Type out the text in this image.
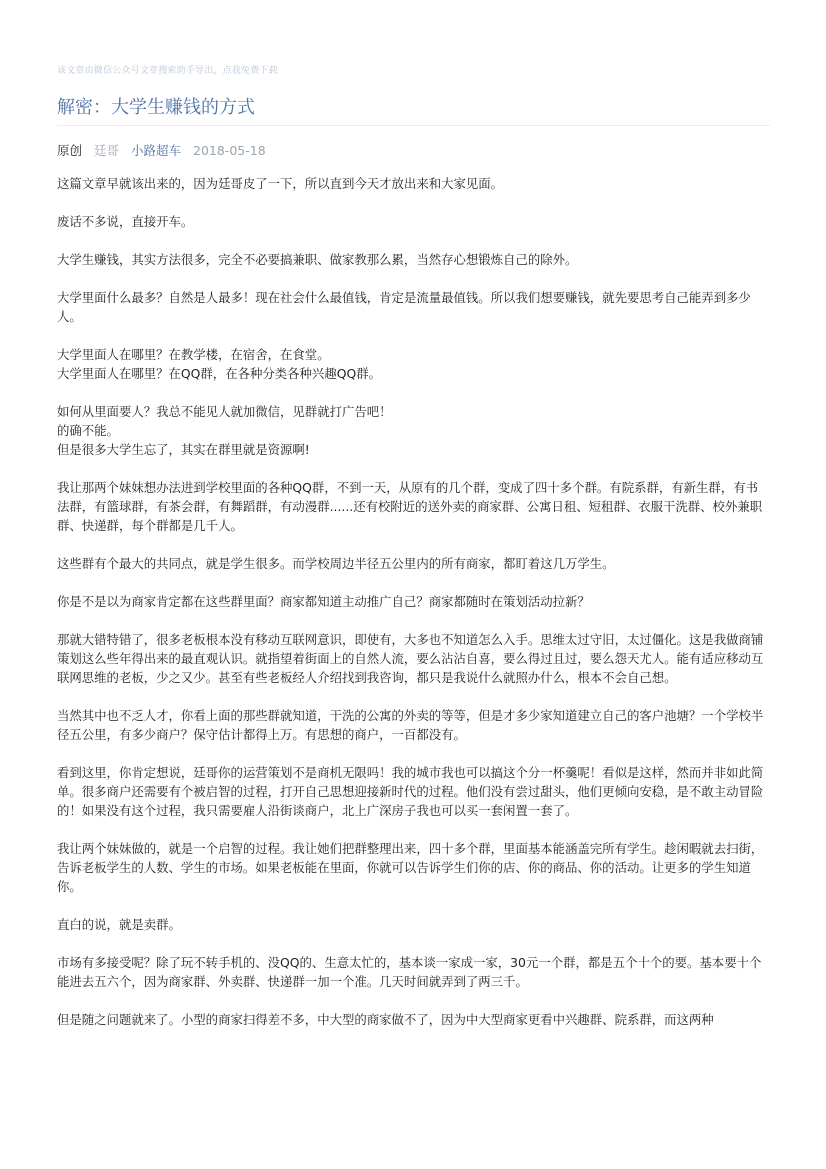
该文章由微信公众号文章搜索助手导出，点我免费下载
解密：大学生赚钱的方式
原创 廷哥 小路超车 2018-05-18

这篇文章早就该出来的，因为廷哥皮了一下，所以直到今天才放出来和大家见面。

废话不多说，直接开车。

大学生赚钱，其实方法很多，完全不必要搞兼职、做家教那么累，当然存心想锻炼自己的除外。

大学里面什么最多？自然是人最多！现在社会什么最值钱，肯定是流量最值钱。所以我们想要赚钱，就先要思考自己能弄到多少人。

大学里面人在哪里？在教学楼，在宿舍，在食堂。
大学里面人在哪里？在QQ群，在各种分类各种兴趣QQ群。

如何从里面要人？我总不能见人就加微信，见群就打广告吧！
的确不能。
但是很多大学生忘了，其实在群里就是资源啊!

我让那两个妹妹想办法进到学校里面的各种QQ群，不到一天，从原有的几个群，变成了四十多个群。有院系群，有新生群，有书法群，有篮球群，有茶会群，有舞蹈群，有动漫群......还有校附近的送外卖的商家群、公寓日租、短租群、衣服干洗群、校外兼职群、快递群，每个群都是几千人。

这些群有个最大的共同点，就是学生很多。而学校周边半径五公里内的所有商家，都盯着这几万学生。

你是不是以为商家肯定都在这些群里面？商家都知道主动推广自己？商家都随时在策划活动拉新？

那就大错特错了，很多老板根本没有移动互联网意识，即使有，大多也不知道怎么入手。思维太过守旧，太过僵化。这是我做商铺策划这么些年得出来的最直观认识。就指望着街面上的自然人流，要么沾沾自喜，要么得过且过，要么怨天尤人。能有适应移动互联网思维的老板，少之又少。甚至有些老板经人介绍找到我咨询，都只是我说什么就照办什么，根本不会自己想。

当然其中也不乏人才，你看上面的那些群就知道，干洗的公寓的外卖的等等，但是才多少家知道建立自己的客户池塘？一个学校半径五公里，有多少商户？保守估计都得上万。有思想的商户，一百都没有。

看到这里，你肯定想说，廷哥你的运营策划不是商机无限吗！我的城市我也可以搞这个分一杯羹呢！看似是这样，然而并非如此简单。很多商户还需要有个被启智的过程，打开自己思想迎接新时代的过程。他们没有尝过甜头，他们更倾向安稳，是不敢主动冒险的！如果没有这个过程，我只需要雇人沿街谈商户，北上广深房子我也可以买一套闲置一套了。

我让两个妹妹做的，就是一个启智的过程。我让她们把群整理出来，四十多个群，里面基本能涵盖完所有学生。趁闲暇就去扫街，告诉老板学生的人数、学生的市场。如果老板能在里面，你就可以告诉学生们你的店、你的商品、你的活动。让更多的学生知道你。

直白的说，就是卖群。

市场有多接受呢？除了玩不转手机的、没QQ的、生意太忙的，基本谈一家成一家，30元一个群，都是五个十个的要。基本要十个能进去五六个，因为商家群、外卖群、快递群一加一个准。几天时间就弄到了两三千。

但是随之问题就来了。小型的商家扫得差不多，中大型的商家做不了，因为中大型商家更看中兴趣群、院系群，而这两种
